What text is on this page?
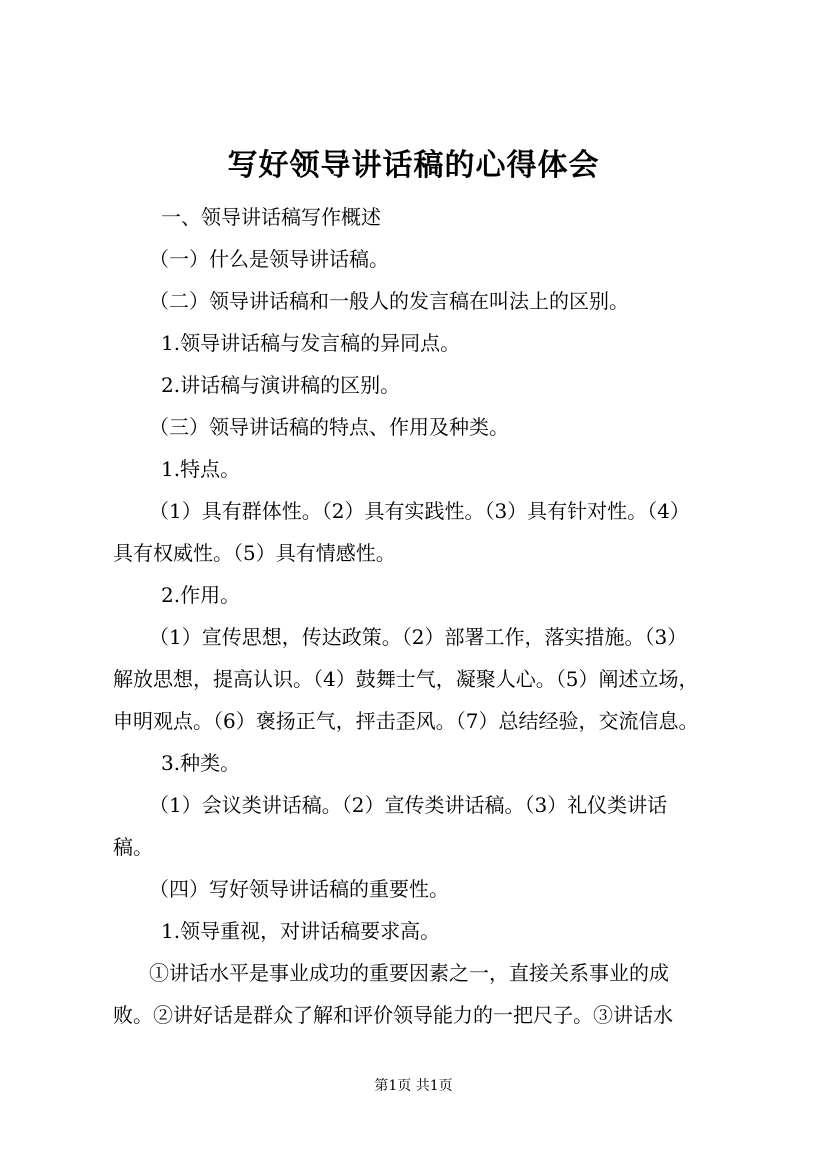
写好领导讲话稿的心得体会
一、领导讲话稿写作概述
（一）什么是领导讲话稿。
（二）领导讲话稿和一般人的发言稿在叫法上的区别。
1.领导讲话稿与发言稿的异同点。
2.讲话稿与演讲稿的区别。
（三）领导讲话稿的特点、作用及种类。
1.特点。
（1）具有群体性。（2）具有实践性。（3）具有针对性。（4）
具有权威性。（5）具有情感性。
2.作用。
（1）宣传思想，传达政策。（2）部署工作，落实措施。（3）
解放思想，提高认识。（4）鼓舞士气，凝聚人心。（5）阐述立场，
申明观点。（6）褒扬正气，抨击歪风。（7）总结经验，交流信息。
3.种类。
（1）会议类讲话稿。（2）宣传类讲话稿。（3）礼仪类讲话
稿。
（四）写好领导讲话稿的重要性。
1.领导重视，对讲话稿要求高。
①讲话水平是事业成功的重要因素之一，直接关系事业的成
败。②讲好话是群众了解和评价领导能力的一把尺子。③讲话水
第1页 共1页
